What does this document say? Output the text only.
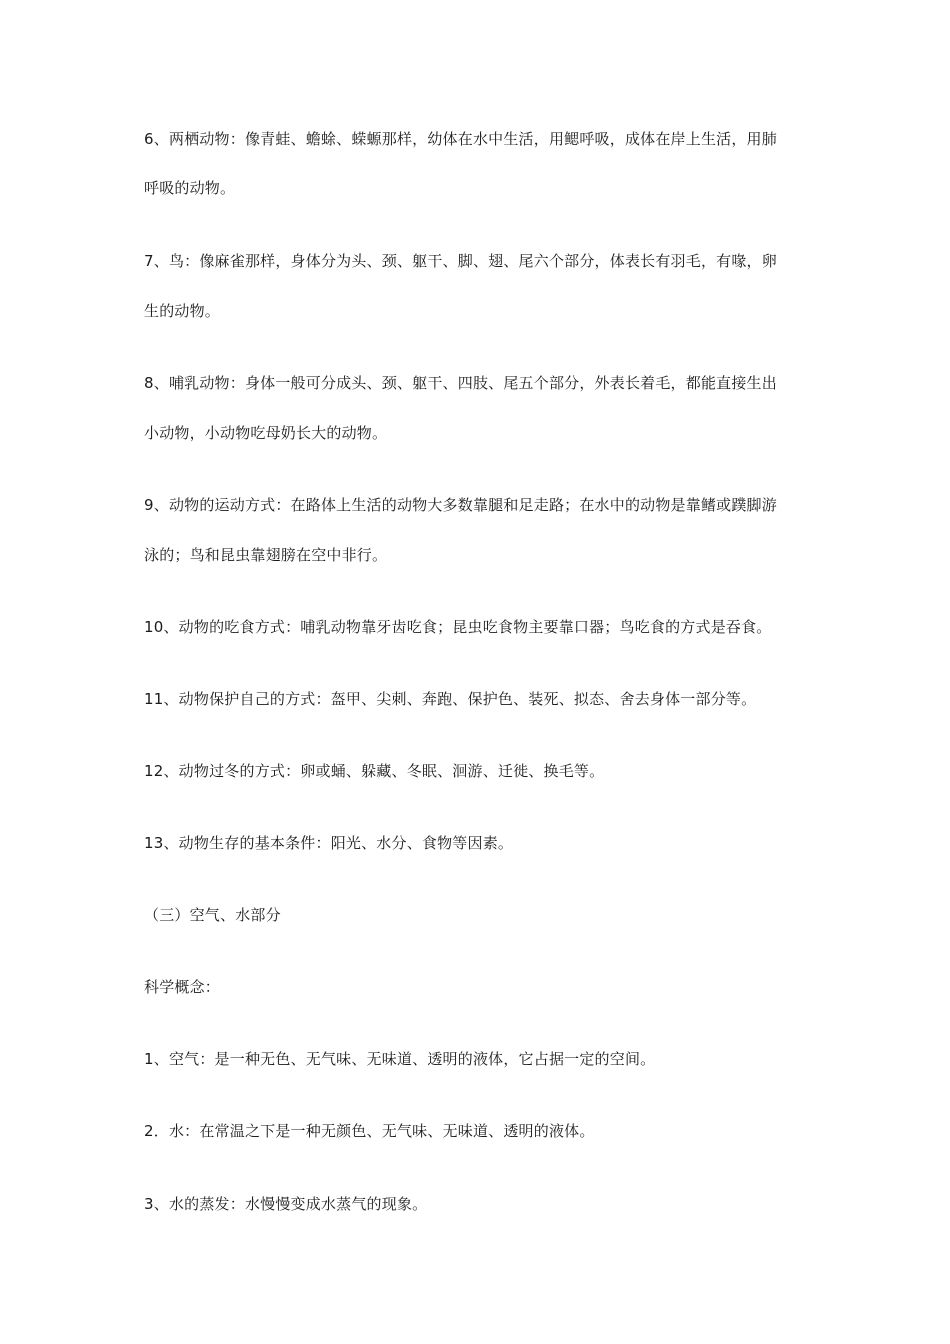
6、两栖动物：像青蛙、蟾蜍、蝾螈那样，幼体在水中生活，用鳃呼吸，成体在岸上生活，用肺
呼吸的动物。
7、鸟：像麻雀那样，身体分为头、颈、躯干、脚、翅、尾六个部分，体表长有羽毛，有喙，卵
生的动物。
8、哺乳动物：身体一般可分成头、颈、躯干、四肢、尾五个部分，外表长着毛，都能直接生出
小动物，小动物吃母奶长大的动物。
9、动物的运动方式：在路体上生活的动物大多数靠腿和足走路；在水中的动物是靠鳍或蹼脚游
泳的；鸟和昆虫靠翅膀在空中非行。
10、动物的吃食方式：哺乳动物靠牙齿吃食；昆虫吃食物主要靠口器；鸟吃食的方式是吞食。
11、动物保护自己的方式：盔甲、尖刺、奔跑、保护色、装死、拟态、舍去身体一部分等。
12、动物过冬的方式：卵或蛹、躲藏、冬眠、洄游、迁徙、换毛等。
13、动物生存的基本条件：阳光、水分、食物等因素。
（三）空气、水部分
科学概念：
1、空气：是一种无色、无气味、无味道、透明的液体，它占据一定的空间。
2．水：在常温之下是一种无颜色、无气味、无味道、透明的液体。
3、水的蒸发：水慢慢变成水蒸气的现象。
